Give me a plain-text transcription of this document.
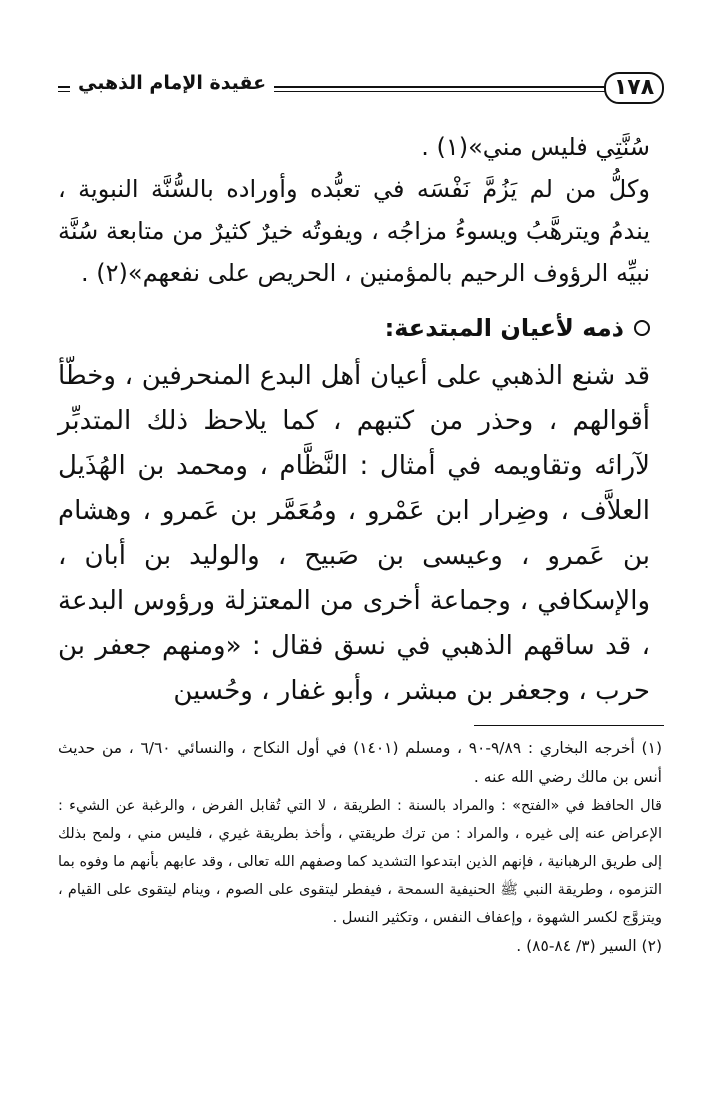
عقيدة الإمام الذهبي	١٧٨

سُنَّتِي فليس مني»(١) .

وكلُّ من لم يَزُمَّ نَفْسَه في تعبُّده وأوراده بالسُّنَّة النبوية ، يندمُ ويترهَّبُ ويسوءُ مزاجُه ، ويفوتُه خيرٌ كثيرٌ من متابعة سُنَّة نبيِّه الرؤوف الرحيم بالمؤمنين ، الحريص على نفعهم»(٢) .

ذمه لأعيان المبتدعة:

قد شنع الذهبي على أعيان أهل البدع المنحرفين ، وخطّأ أقوالهم ، وحذر من كتبهم ، كما يلاحظ ذلك المتدبِّر لآرائه وتقاويمه في أمثال : النَّظَّام ، ومحمد بن الهُذَيل العلاَّف ، وضِرار ابن عَمْرو ، ومُعَمَّر بن عَمرو ، وهشام بن عَمرو ، وعيسى بن صَبيح ، والوليد بن أبان ، والإسكافي ، وجماعة أخرى من المعتزلة ورؤوس البدعة ، قد ساقهم الذهبي في نسق فقال : «ومنهم جعفر بن حرب ، وجعفر بن مبشر ، وأبو غفار ، وحُسين

(١) أخرجه البخاري : ٩/٨٩-٩٠ ، ومسلم (١٤٠١) في أول النكاح ، والنسائي ٦/٦٠ ، من حديث أنس بن مالك رضي الله عنه .

قال الحافظ في «الفتح» : والمراد بالسنة : الطريقة ، لا التي تُقابل الفرض ، والرغبة عن الشيء : الإعراض عنه إلى غيره ، والمراد : من ترك طريقتي ، وأخذ بطريقة غيري ، فليس مني ، ولمح بذلك إلى طريق الرهبانية ، فإنهم الذين ابتدعوا التشديد كما وصفهم الله تعالى ، وقد عابهم بأنهم ما وفوه بما التزموه ، وطريقة النبي ﷺ الحنيفية السمحة ، فيفطر ليتقوى على الصوم ، وينام ليتقوى على القيام ، ويتزوَّج لكسر الشهوة ، وإعفاف النفس ، وتكثير النسل .

(٢) السير (٣/ ٨٤-٨٥) .
